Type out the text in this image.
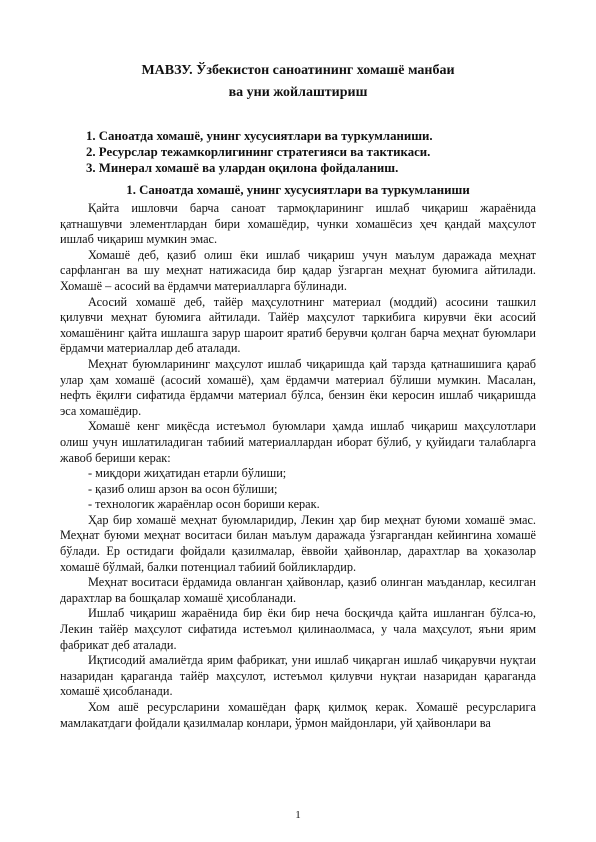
МАВЗУ. Ўзбекистон саноатининг хомашё манбаи
ва уни жойлаштириш
1. Саноатда хомашё, унинг хусусиятлари ва туркумланиши.
2. Ресурслар тежамкорлигининг стратегияси ва тактикаси.
3. Минерал хомашё ва улардан оқилона фойдаланиш.
1. Саноатда хомашё, унинг хусусиятлари ва туркумланиши

Қайта ишловчи барча саноат тармоқларининг ишлаб чиқариш жараёнида қатнашувчи элементлардан бири хомашёдир, чунки хомашёсиз ҳеч қандай маҳсулот ишлаб чиқариш мумкин эмас.

Хомашё деб, қазиб олиш ёки ишлаб чиқариш учун маълум даражада меҳнат сарфланган ва шу меҳнат натижасида бир қадар ўзгарган меҳнат буюмига айтилади. Хомашё – асосий ва ёрдамчи материалларга бўлинади.

Асосий хомашё деб, тайёр маҳсулотнинг материал (моддий) асосини ташкил қилувчи меҳнат буюмига айтилади. Тайёр маҳсулот таркибига кирувчи ёки асосий хомашёнинг қайта ишлашга зарур шароит яратиб берувчи қолган барча меҳнат буюмлари ёрдамчи материаллар деб аталади.

Меҳнат буюмларининг маҳсулот ишлаб чиқаришда қай тарзда қатнашишига қараб улар ҳам хомашё (асосий хомашё), ҳам ёрдамчи материал бўлиши мумкин. Масалан, нефть ёқилғи сифатида ёрдамчи материал бўлса, бензин ёки керосин ишлаб чиқаришда эса хомашёдир.

Хомашё кенг миқёсда истеъмол буюмлари ҳамда ишлаб чиқариш маҳсулотлари олиш учун ишлатиладиган табиий материаллардан иборат бўлиб, у қуйидаги талабларга жавоб бериши керак:

- миқдори жиҳатидан етарли бўлиши;

- қазиб олиш арзон ва осон бўлиши;

- технологик жараёнлар осон бориши керак.

Ҳар бир хомашё меҳнат буюмларидир, Лекин ҳар бир меҳнат буюми хомашё эмас. Меҳнат буюми меҳнат воситаси билан маълум даражада ўзгаргандан кейингина хомашё бўлади. Ер остидаги фойдали қазилмалар, ёввойи ҳайвонлар, дарахтлар ва ҳоказолар хомашё бўлмай, балки потенциал табиий бойликлардир.

Меҳнат воситаси ёрдамида овланган ҳайвонлар, қазиб олинган маъданлар, кесилган дарахтлар ва бошқалар хомашё ҳисобланади.

Ишлаб чиқариш жараёнида бир ёки бир неча босқичда қайта ишланган бўлса-ю, Лекин тайёр маҳсулот сифатида истеъмол қилинаолмаса, у чала маҳсулот, яъни ярим фабрикат деб аталади.

Иқтисодий амалиётда ярим фабрикат, уни ишлаб чиқарган ишлаб чиқарувчи нуқтаи назаридан қараганда тайёр маҳсулот, истеъмол қилувчи нуқтаи назаридан қараганда хомашё ҳисобланади.

Хом ашё ресурсларини хомашёдан фарқ қилмоқ керак. Хомашё ресурсларига мамлакатдаги фойдали қазилмалар конлари, ўрмон майдонлари, уй ҳайвонлари ва

1
